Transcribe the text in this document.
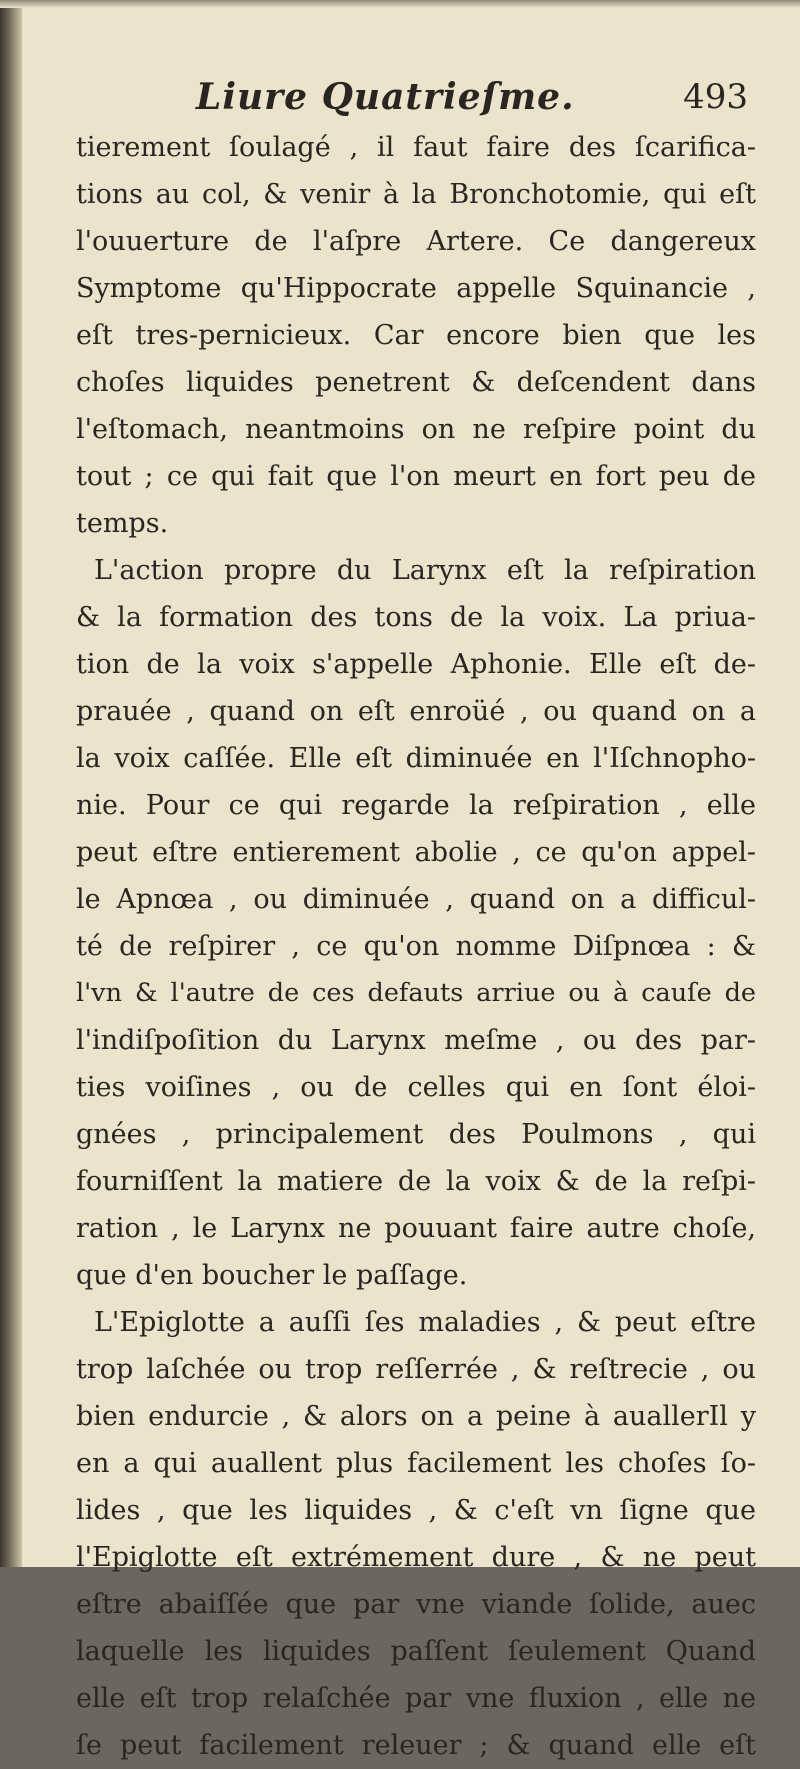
Liure Quatrieſme.	493
tierement ſoulagé , il faut faire des ſcarifica-
tions au col, & venir à la Bronchotomie, qui eſt
l'ouuerture de l'aſpre Artere. Ce dangereux
Symptome qu'Hippocrate appelle Squinancie ,
eſt tres-pernicieux. Car encore bien que les
choſes liquides penetrent & deſcendent dans
l'eſtomach, neantmoins on ne reſpire point du
tout ; ce qui fait que l'on meurt en fort peu de
temps.
L'action propre du Larynx eſt la reſpiration
& la formation des tons de la voix. La priua-
tion de la voix s'appelle Aphonie. Elle eſt de-
prauée , quand on eſt enroüé , ou quand on a
la voix caſſée. Elle eſt diminuée en l'Iſchnopho-
nie. Pour ce qui regarde la reſpiration , elle
peut eſtre entierement abolie , ce qu'on appel-
le Apnœa , ou diminuée , quand on a difficul-
té de reſpirer , ce qu'on nomme Diſpnœa : &
l'vn & l'autre de ces defauts arriue ou à cauſe de
l'indiſpoſition du Larynx meſme , ou des par-
ties voiſines , ou de celles qui en ſont éloi-
gnées , principalement des Poulmons , qui
fourniſſent la matiere de la voix & de la reſpi-
ration , le Larynx ne pouuant faire autre choſe,
que d'en boucher le paſſage.
L'Epiglotte a auſſi ſes maladies , & peut eſtre
trop laſchée ou trop reſſerrée , & reſtrecie , ou
bien endurcie , & alors on a peine à auallerIl y
en a qui auallent plus facilement les choſes ſo-
lides , que les liquides , & c'eſt vn ſigne que
l'Epiglotte eſt extrémement dure , & ne peut
eſtre abaiſſée que par vne viande ſolide, auec
laquelle les liquides paſſent ſeulement Quand
elle eſt trop relaſchée par vne fluxion , elle ne
ſe peut facilement releuer ; & quand elle eſt
